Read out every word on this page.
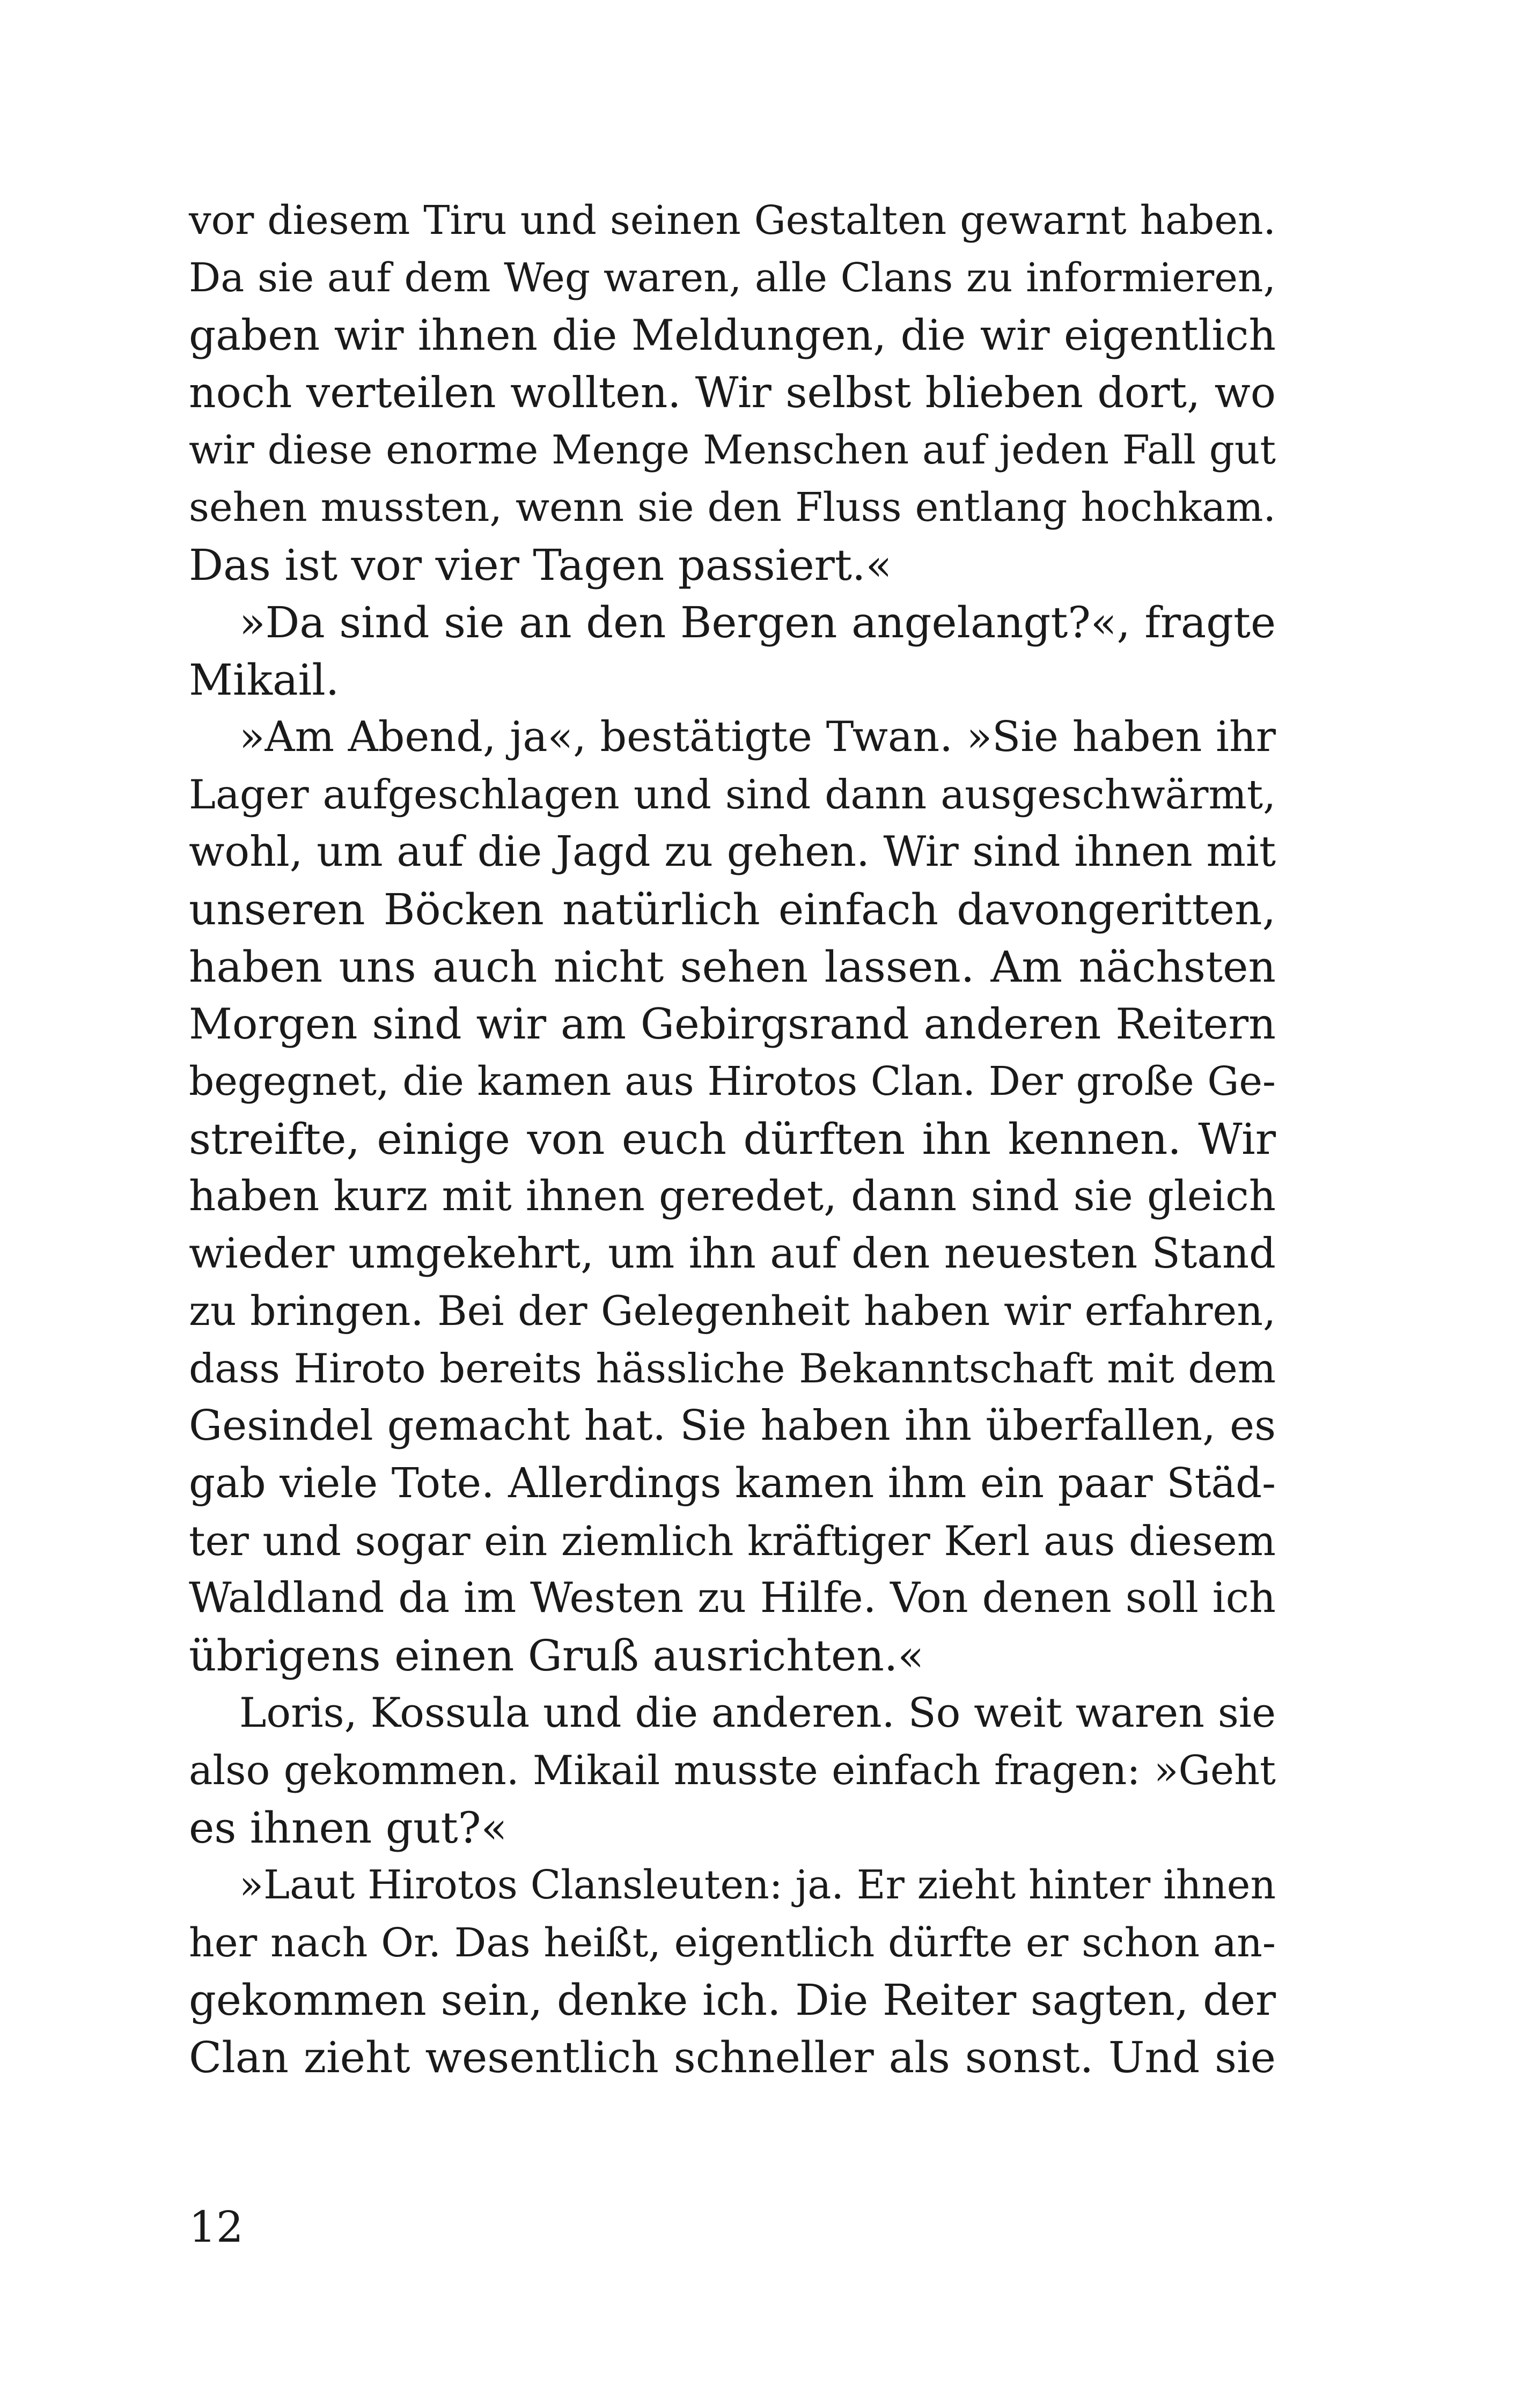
vor diesem Tiru und seinen Gestalten gewarnt haben.
Da sie auf dem Weg waren, alle Clans zu informieren,
gaben wir ihnen die Meldungen, die wir eigentlich
noch verteilen wollten. Wir selbst blieben dort, wo
wir diese enorme Menge Menschen auf jeden Fall gut
sehen mussten, wenn sie den Fluss entlang hochkam.
Das ist vor vier Tagen passiert.«
»Da sind sie an den Bergen angelangt?«, fragte
Mikail.
»Am Abend, ja«, bestätigte Twan. »Sie haben ihr
Lager aufgeschlagen und sind dann ausgeschwärmt,
wohl, um auf die Jagd zu gehen. Wir sind ihnen mit
unseren Böcken natürlich einfach davongeritten,
haben uns auch nicht sehen lassen. Am nächsten
Morgen sind wir am Gebirgsrand anderen Reitern
begegnet, die kamen aus Hirotos Clan. Der große Ge-
streifte, einige von euch dürften ihn kennen. Wir
haben kurz mit ihnen geredet, dann sind sie gleich
wieder umgekehrt, um ihn auf den neuesten Stand
zu bringen. Bei der Gelegenheit haben wir erfahren,
dass Hiroto bereits hässliche Bekanntschaft mit dem
Gesindel gemacht hat. Sie haben ihn überfallen, es
gab viele Tote. Allerdings kamen ihm ein paar Städ-
ter und sogar ein ziemlich kräftiger Kerl aus diesem
Waldland da im Westen zu Hilfe. Von denen soll ich
übrigens einen Gruß ausrichten.«
Loris, Kossula und die anderen. So weit waren sie
also gekommen. Mikail musste einfach fragen: »Geht
es ihnen gut?«
»Laut Hirotos Clansleuten: ja. Er zieht hinter ihnen
her nach Or. Das heißt, eigentlich dürfte er schon an-
gekommen sein, denke ich. Die Reiter sagten, der
Clan zieht wesentlich schneller als sonst. Und sie
12
